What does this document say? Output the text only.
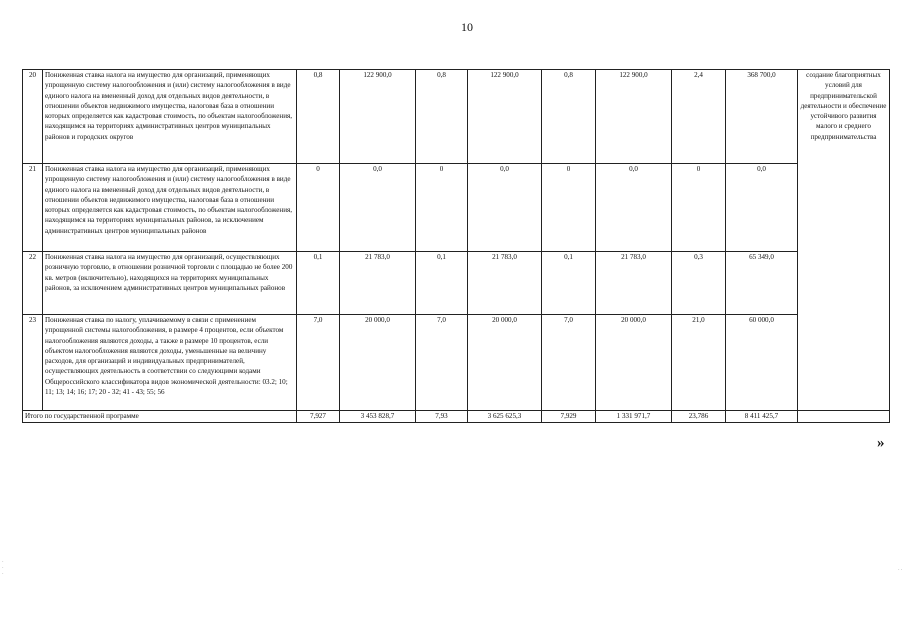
10
20	Пониженная ставка налога на имущество для организаций, применяющих упрощенную систему налогообложения и (или) систему налогообложения в виде единого налога на вмененный доход для отдельных видов деятельности, в отношении объектов недвижимого имущества, налоговая база в отношении которых определяется как кадастровая стоимость, по объектам налогообложения, находящимся на территориях административных центров муниципальных районов и городских округов	0,8	122 900,0	0,8	122 900,0	0,8	122 900,0	2,4	368 700,0	создание благоприятных условий для предпринимательской деятельности и обеспечение устойчивого развития малого и среднего предпринимательства
21	Пониженная ставка налога на имущество для организаций, применяющих упрощенную систему налогообложения и (или) систему налогообложения в виде единого налога на вмененный доход для отдельных видов деятельности, в отношении объектов недвижимого имущества, налоговая база в отношении которых определяется как кадастровая стоимость, по объектам налогообложения, находящимся на территориях муниципальных районов, за исключением административных центров муниципальных районов	0	0,0	0	0,0	0	0,0	0	0,0	
22	Пониженная ставка налога на имущество для организаций, осуществляющих розничную торговлю, в отношении розничной торговли с площадью не более 200 кв. метров (включительно), находящихся на территориях муниципальных районов, за исключением административных центров муниципальных районов	0,1	21 783,0	0,1	21 783,0	0,1	21 783,0	0,3	65 349,0	
23	Пониженная ставка по налогу, уплачиваемому в связи с применением упрощенной системы налогообложения, в размере 4 процентов, если объектом налогообложения являются доходы, а также в размере 10 процентов, если объектом налогообложения являются доходы, уменьшенные на величину расходов, для организаций и индивидуальных предпринимателей, осуществляющих деятельность в соответствии со следующими кодами Общероссийского классификатора видов экономической деятельности: 03.2; 10; 11; 13; 14; 16; 17; 20 - 32; 41 - 43; 55; 56	7,0	20 000,0	7,0	20 000,0	7,0	20 000,0	21,0	60 000,0	
Итого по государственной программе		7,927	3 453 828,7	7,93	3 625 625,3	7,929	1 331 971,7	23,786	8 411 425,7	
»
· · ·
· ·
